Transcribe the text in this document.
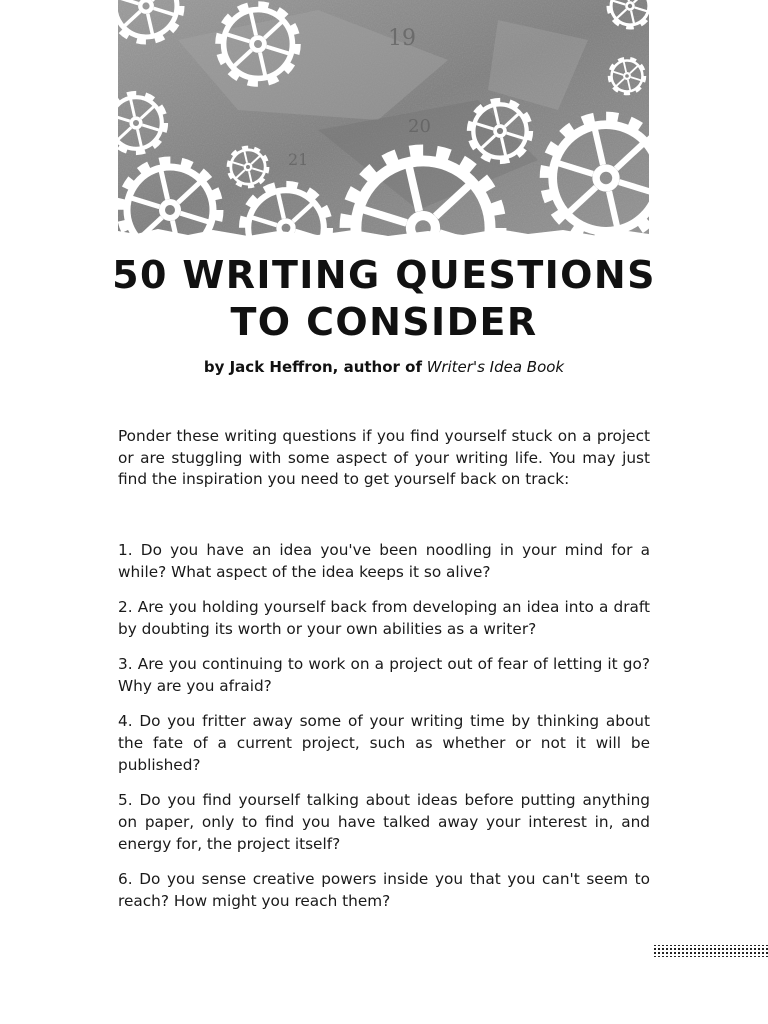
19
20
21
50 WRITING QUESTIONS
TO CONSIDER
by Jack Heffron, author of Writer's Idea Book

Ponder these writing questions if you find yourself stuck on a project or are stuggling with some aspect of your writing life. You may just find the inspiration you need to get yourself back on track:

1. Do you have an idea you've been noodling in your mind for a while? What aspect of the idea keeps it so alive?
2. Are you holding yourself back from developing an idea into a draft by doubting its worth or your own abilities as a writer?
3. Are you continuing to work on a project out of fear of letting it go? Why are you afraid?
4. Do you fritter away some of your writing time by thinking about the fate of a current project, such as whether or not it will be published?
5. Do you find yourself talking about ideas before putting anything on paper, only to find you have talked away your interest in, and energy for, the project itself?
6. Do you sense creative powers inside you that you can't seem to reach? How might you reach them?
